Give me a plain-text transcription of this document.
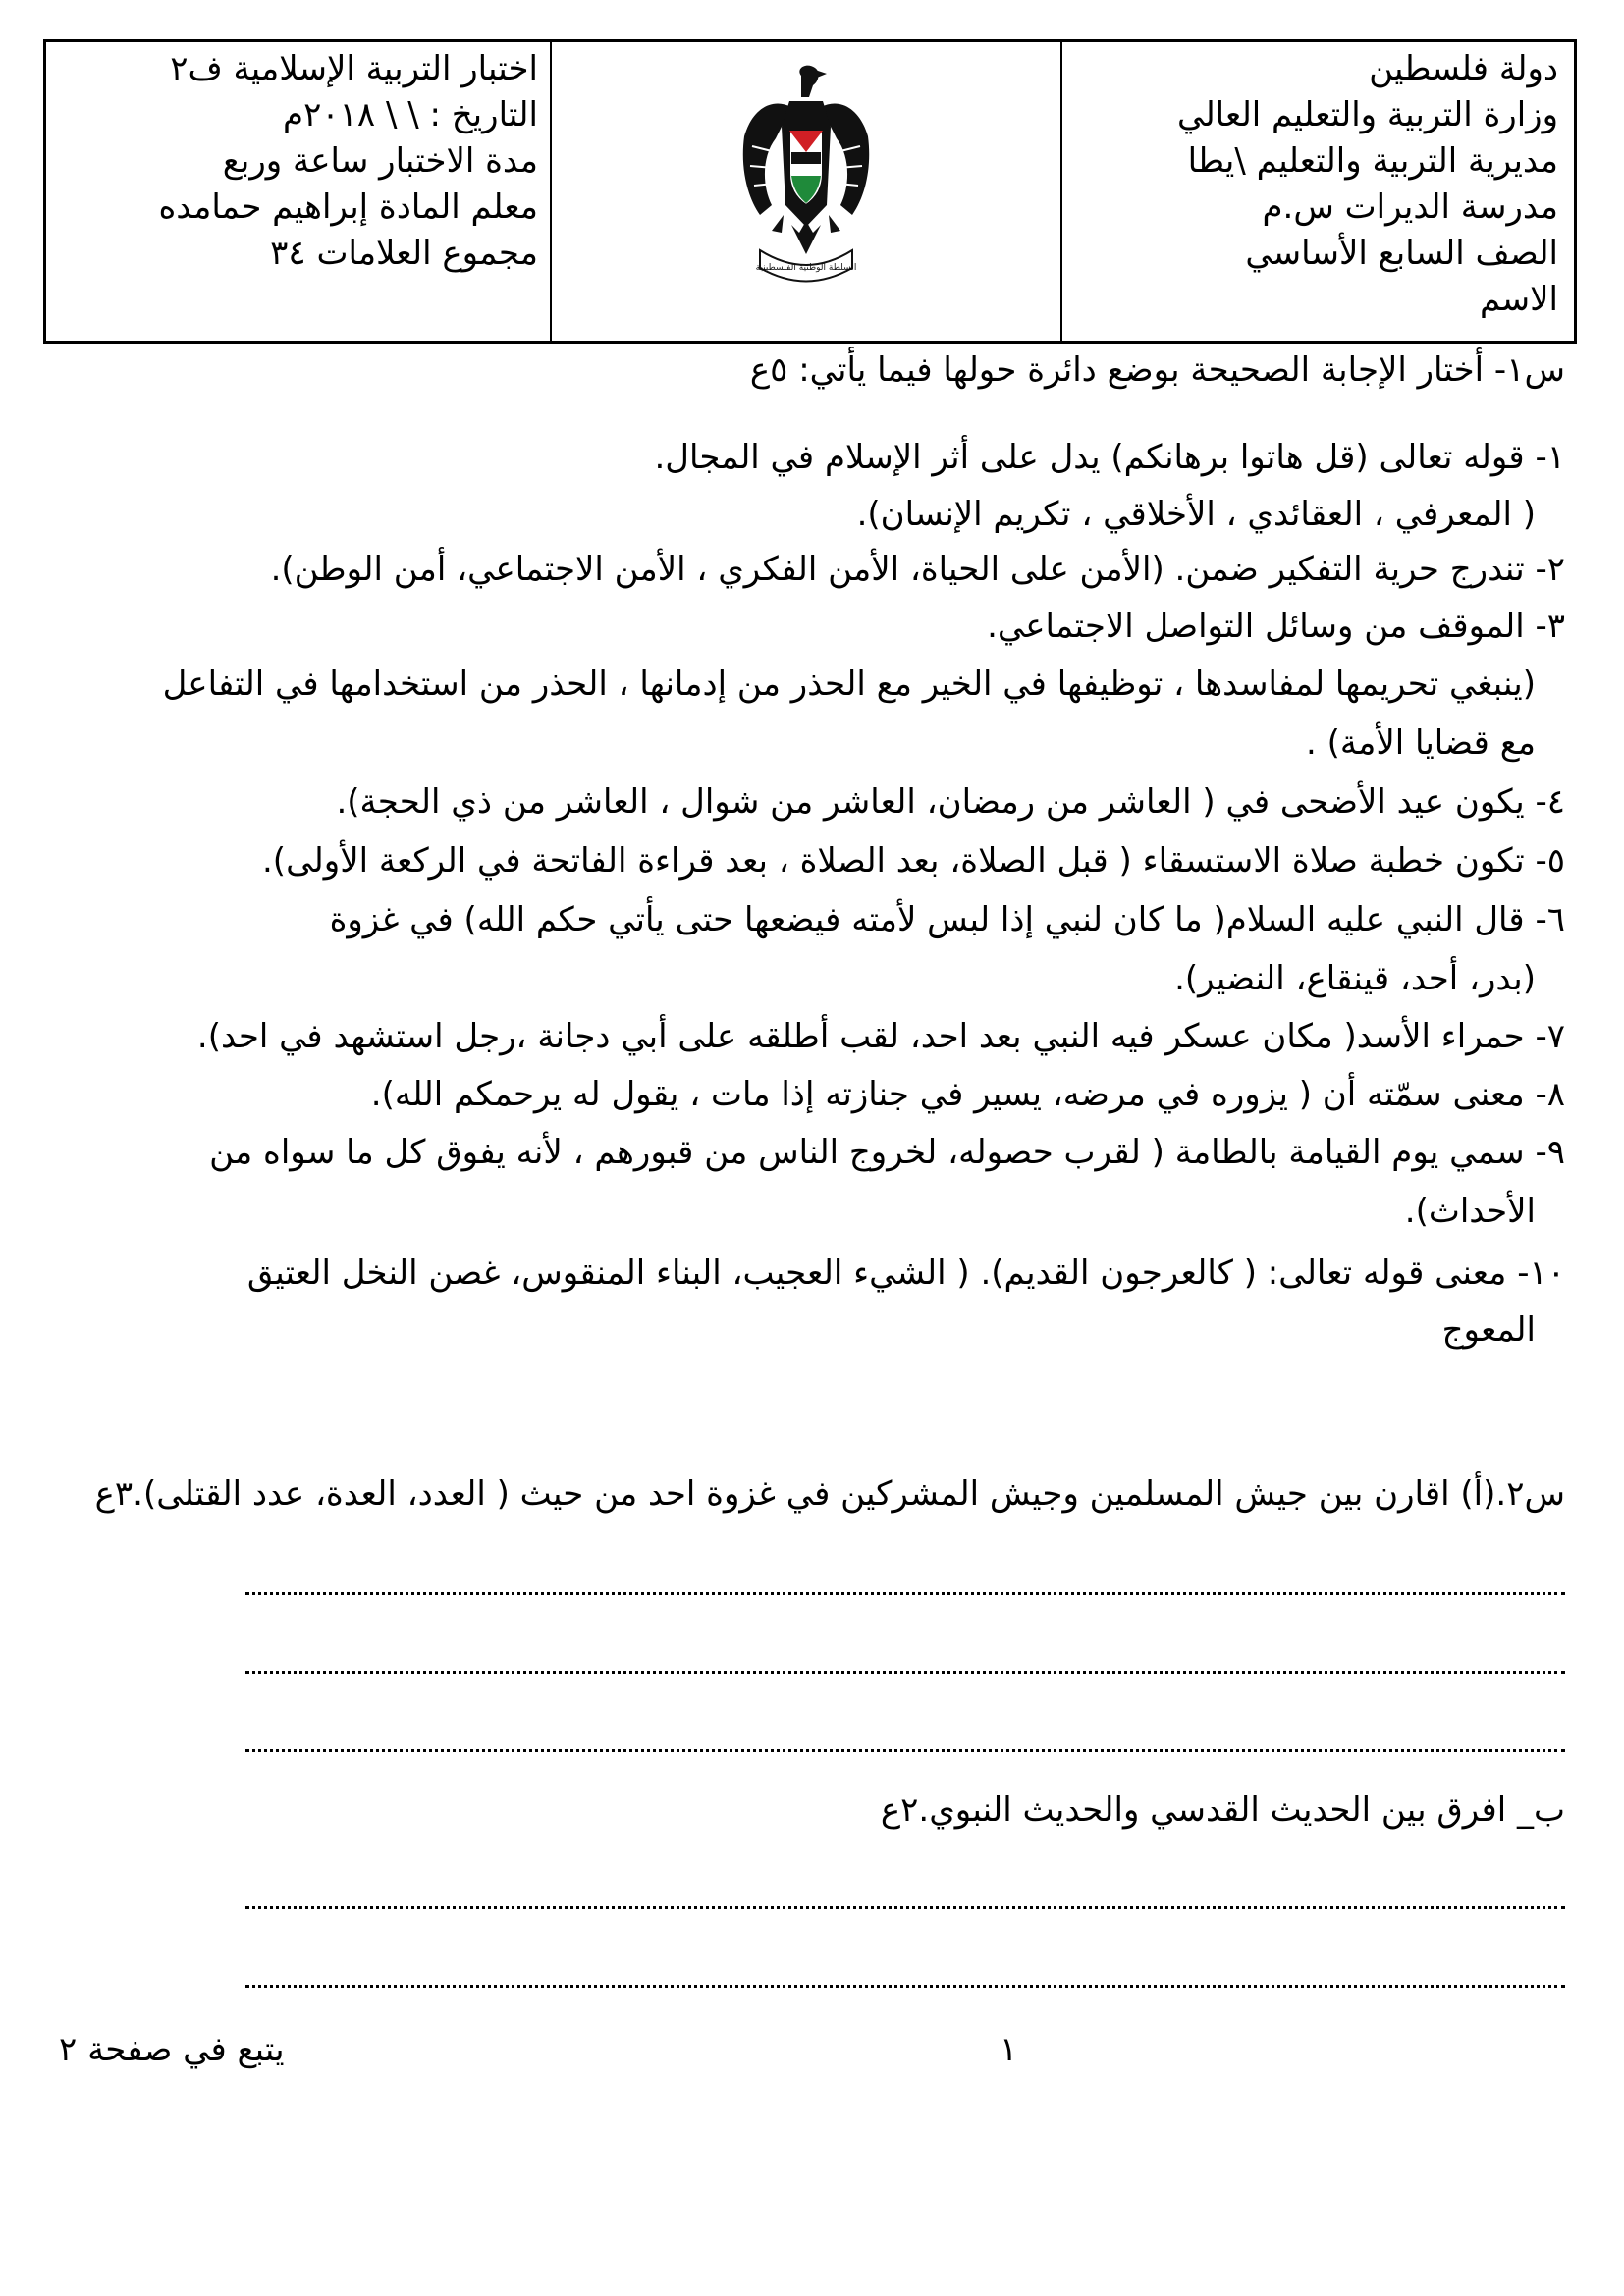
دولة فلسطين
وزارة التربية والتعليم العالي
مديرية التربية والتعليم \يطا
مدرسة الديرات س.م
الصف السابع الأساسي
الاسم
السلطة الوطنية الفلسطينية
اختبار التربية الإسلامية ف٢
التاريخ : \ \ ٢٠١٨م
مدة الاختبار ساعة وربع
معلم المادة إبراهيم حمامده
مجموع العلامات ٣٤
س١- أختار الإجابة الصحيحة بوضع دائرة حولها فيما يأتي: ٥ع
١- قوله تعالى (قل هاتوا برهانكم) يدل على أثر الإسلام في المجال.
( المعرفي ، العقائدي ، الأخلاقي ، تكريم الإنسان).
٢- تندرج حرية التفكير ضمن. (الأمن على الحياة، الأمن الفكري ، الأمن الاجتماعي، أمن الوطن).
٣- الموقف من وسائل التواصل الاجتماعي.
(ينبغي تحريمها لمفاسدها ، توظيفها في الخير مع الحذر من إدمانها ، الحذر من استخدامها في التفاعل
مع قضايا الأمة) .
٤- يكون عيد الأضحى في ( العاشر من رمضان، العاشر من شوال ، العاشر من ذي الحجة).
٥- تكون خطبة صلاة الاستسقاء ( قبل الصلاة، بعد الصلاة ، بعد قراءة الفاتحة في الركعة الأولى).
٦- قال النبي عليه السلام( ما كان لنبي إذا لبس لأمته فيضعها حتى يأتي حكم الله) في غزوة
(بدر، أحد، قينقاع، النضير).
٧- حمراء الأسد( مكان عسكر فيه النبي بعد احد، لقب أطلقه على أبي دجانة ،رجل استشهد في احد).
٨- معنى سمّته أن ( يزوره في مرضه، يسير في جنازته إذا مات ، يقول له يرحمكم الله).
٩- سمي يوم القيامة بالطامة ( لقرب حصوله، لخروج الناس من قبورهم ، لأنه يفوق كل ما سواه من
الأحداث).
١٠- معنى قوله تعالى: ( كالعرجون القديم). ( الشيء العجيب، البناء المنقوس، غصن النخل العتيق
المعوج
س٢.(أ) اقارن بين جيش المسلمين وجيش المشركين في غزوة احد من حيث ( العدد، العدة، عدد القتلى).٣ع
ب_ افرق بين الحديث القدسي والحديث النبوي.٢ع
١
يتبع في صفحة ٢
